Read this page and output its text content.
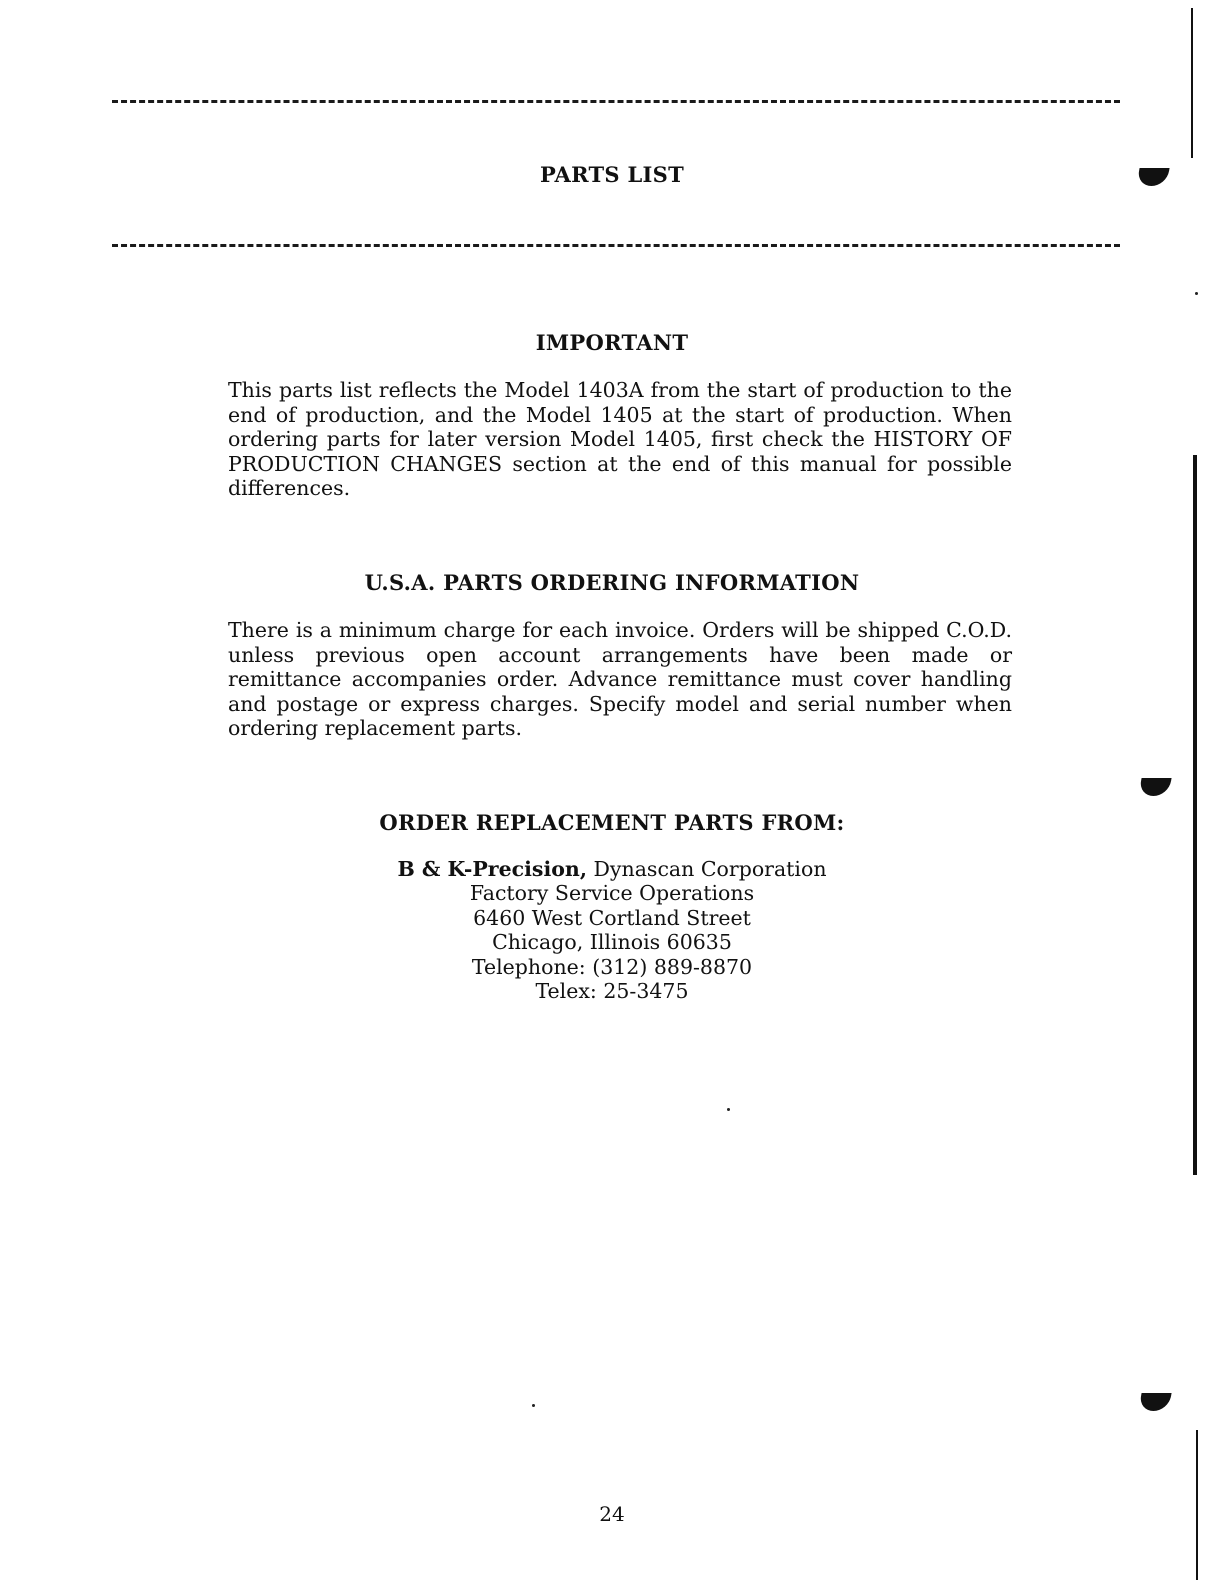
PARTS LIST
IMPORTANT

This parts list reflects the Model 1403A from the start of production to the end of production, and the Model 1405 at the start of production. When ordering parts for later version Model 1405, first check the HISTORY OF PRODUCTION CHANGES section at the end of this manual for possible differences.

U.S.A. PARTS ORDERING INFORMATION

There is a minimum charge for each invoice. Orders will be shipped C.O.D. unless previous open account arrangements have been made or remittance accompanies order. Advance remittance must cover handling and postage or express charges. Specify model and serial number when ordering replacement parts.

ORDER REPLACEMENT PARTS FROM:
B & K-Precision, Dynascan Corporation
Factory Service Operations
6460 West Cortland Street
Chicago, Illinois 60635
Telephone: (312) 889-8870
Telex: 25-3475
24
